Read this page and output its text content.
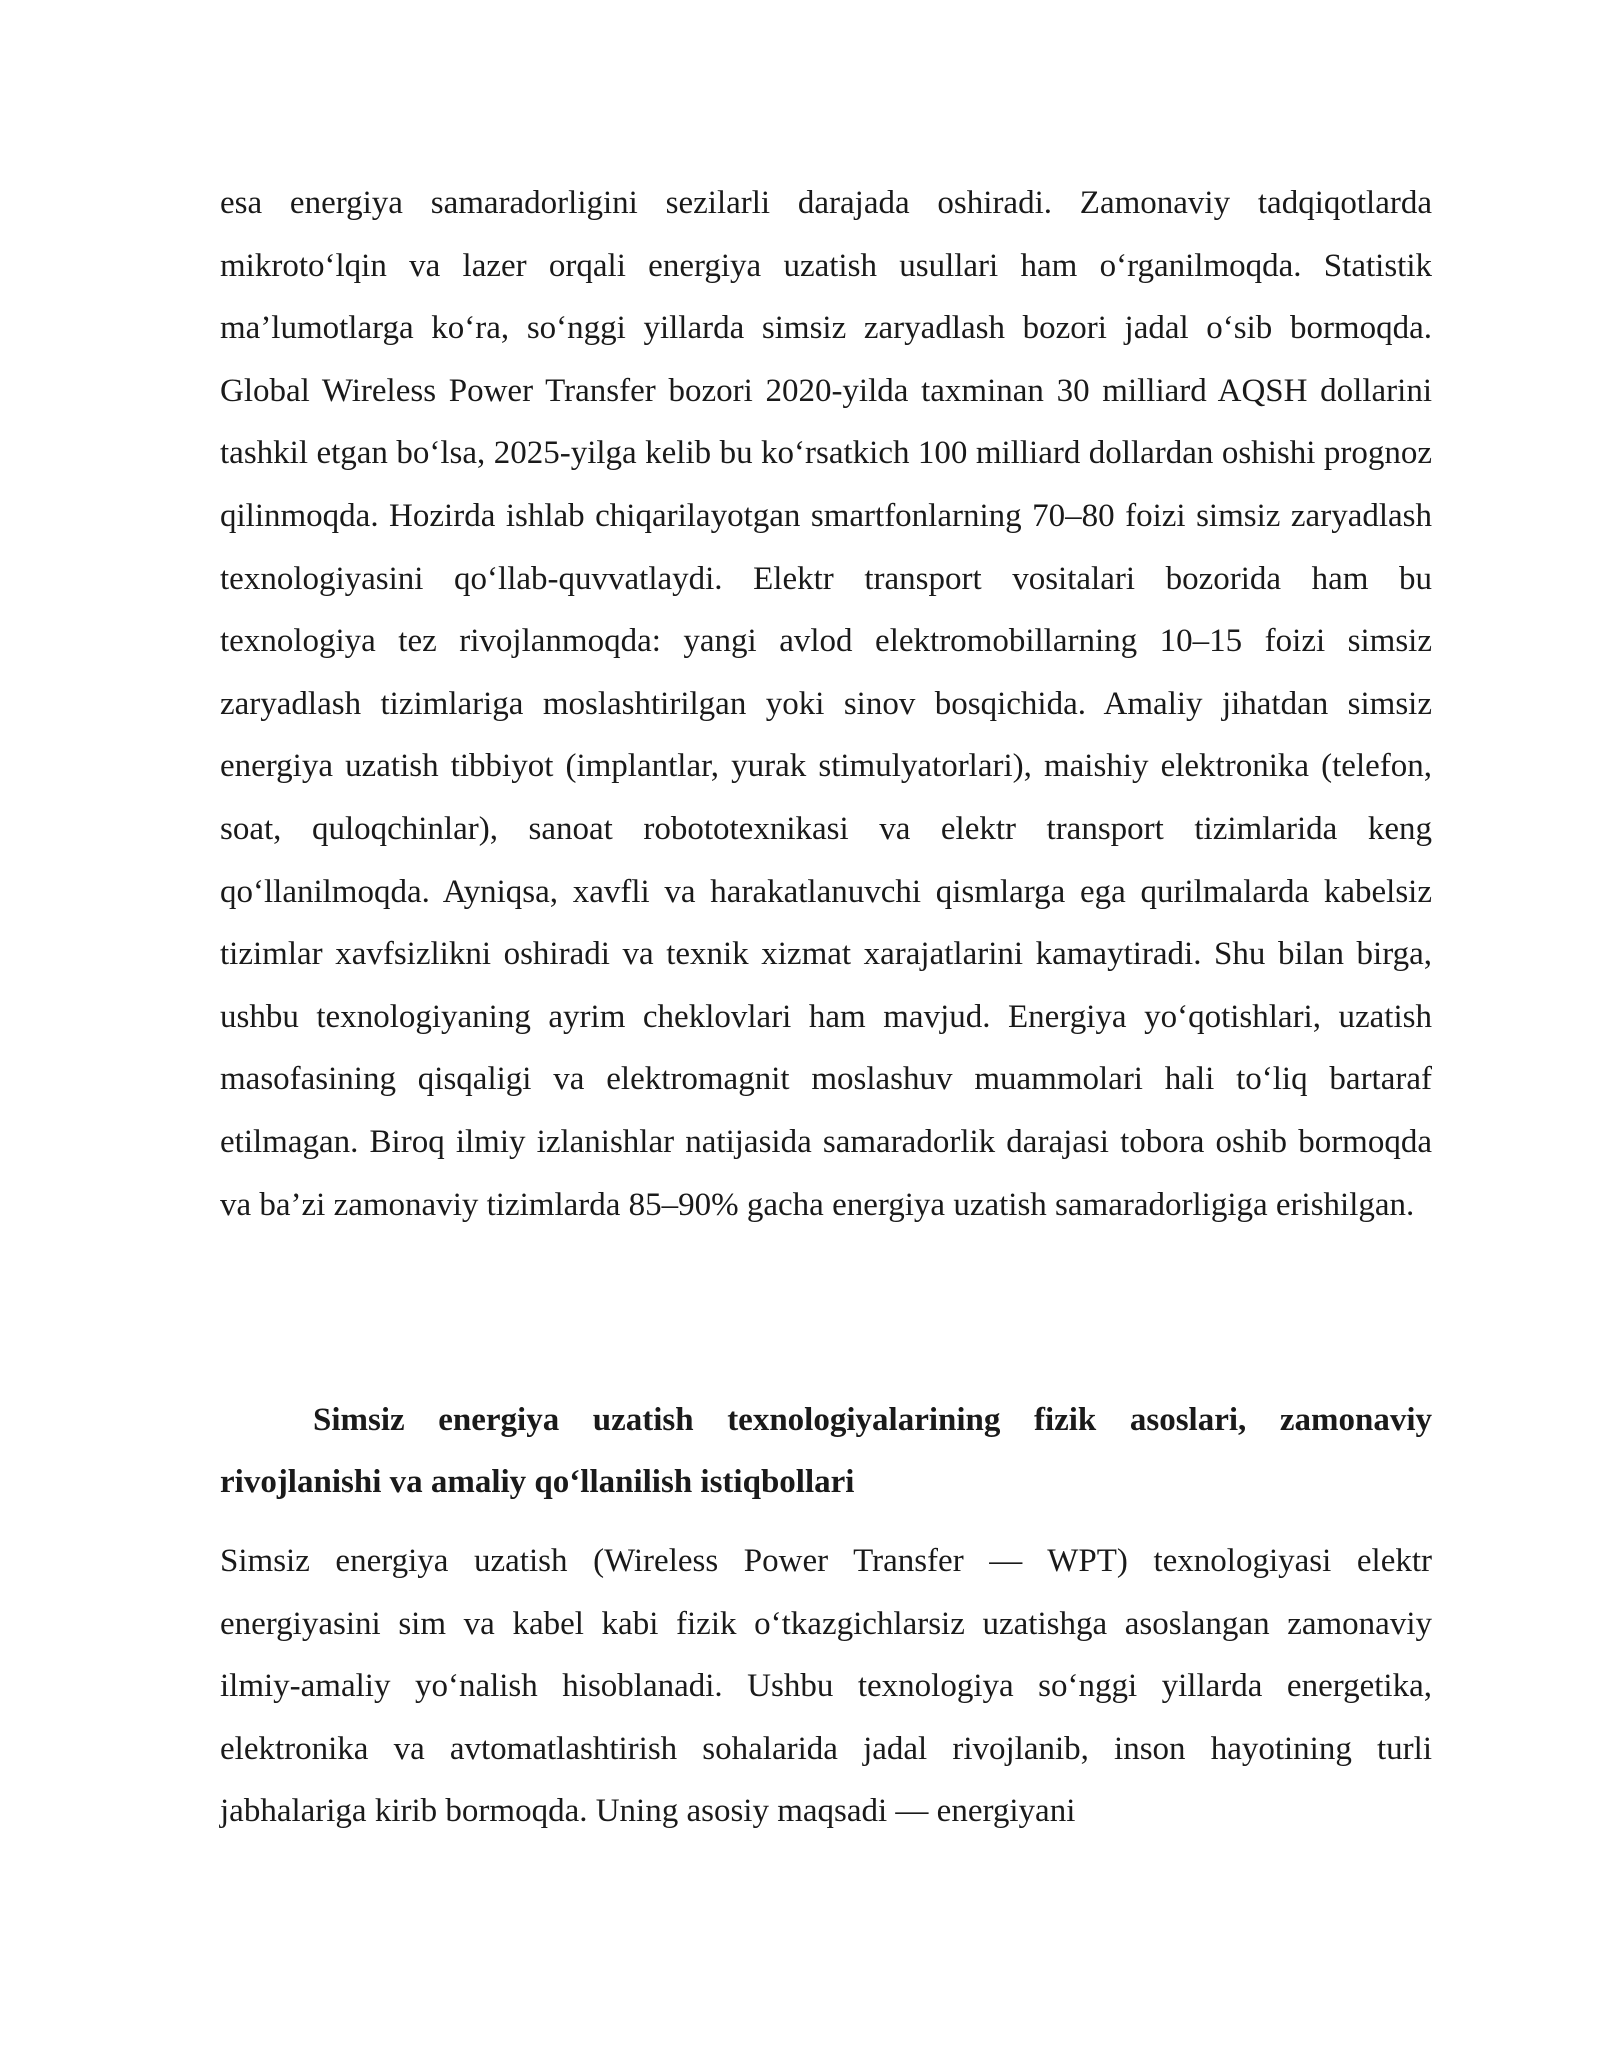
esa energiya samaradorligini sezilarli darajada oshiradi. Zamonaviy tadqiqotlarda mikroto‘lqin va lazer orqali energiya uzatish usullari ham o‘rganilmoqda. Statistik ma’lumotlarga ko‘ra, so‘nggi yillarda simsiz zaryadlash bozori jadal o‘sib bormoqda. Global Wireless Power Transfer bozori 2020-yilda taxminan 30 milliard AQSH dollarini tashkil etgan bo‘lsa, 2025-yilga kelib bu ko‘rsatkich 100 milliard dollardan oshishi prognoz qilinmoqda. Hozirda ishlab chiqarilayotgan smartfonlarning 70–80 foizi simsiz zaryadlash texnologiyasini qo‘llab-quvvatlaydi. Elektr transport vositalari bozorida ham bu texnologiya tez rivojlanmoqda: yangi avlod elektromobillarning 10–15 foizi simsiz zaryadlash tizimlariga moslashtirilgan yoki sinov bosqichida. Amaliy jihatdan simsiz energiya uzatish tibbiyot (implantlar, yurak stimulyatorlari), maishiy elektronika (telefon, soat, quloqchinlar), sanoat robototexnikasi va elektr transport tizimlarida keng qo‘llanilmoqda. Ayniqsa, xavfli va harakatlanuvchi qismlarga ega qurilmalarda kabelsiz tizimlar xavfsizlikni oshiradi va texnik xizmat xarajatlarini kamaytiradi. Shu bilan birga, ushbu texnologiyaning ayrim cheklovlari ham mavjud. Energiya yo‘qotishlari, uzatish masofasining qisqaligi va elektromagnit moslashuv muammolari hali to‘liq bartaraf etilmagan. Biroq ilmiy izlanishlar natijasida samaradorlik darajasi tobora oshib bormoqda va ba’zi zamonaviy tizimlarda 85–90% gacha energiya uzatish samaradorligiga erishilgan.

Simsiz energiya uzatish texnologiyalarining fizik asoslari, zamonaviy rivojlanishi va amaliy qo‘llanilish istiqbollari

Simsiz energiya uzatish (Wireless Power Transfer — WPT) texnologiyasi elektr energiyasini sim va kabel kabi fizik o‘tkazgichlarsiz uzatishga asoslangan zamonaviy ilmiy-amaliy yo‘nalish hisoblanadi. Ushbu texnologiya so‘nggi yillarda energetika, elektronika va avtomatlashtirish sohalarida jadal rivojlanib, inson hayotining turli jabhalariga kirib bormoqda. Uning asosiy maqsadi — energiyani
